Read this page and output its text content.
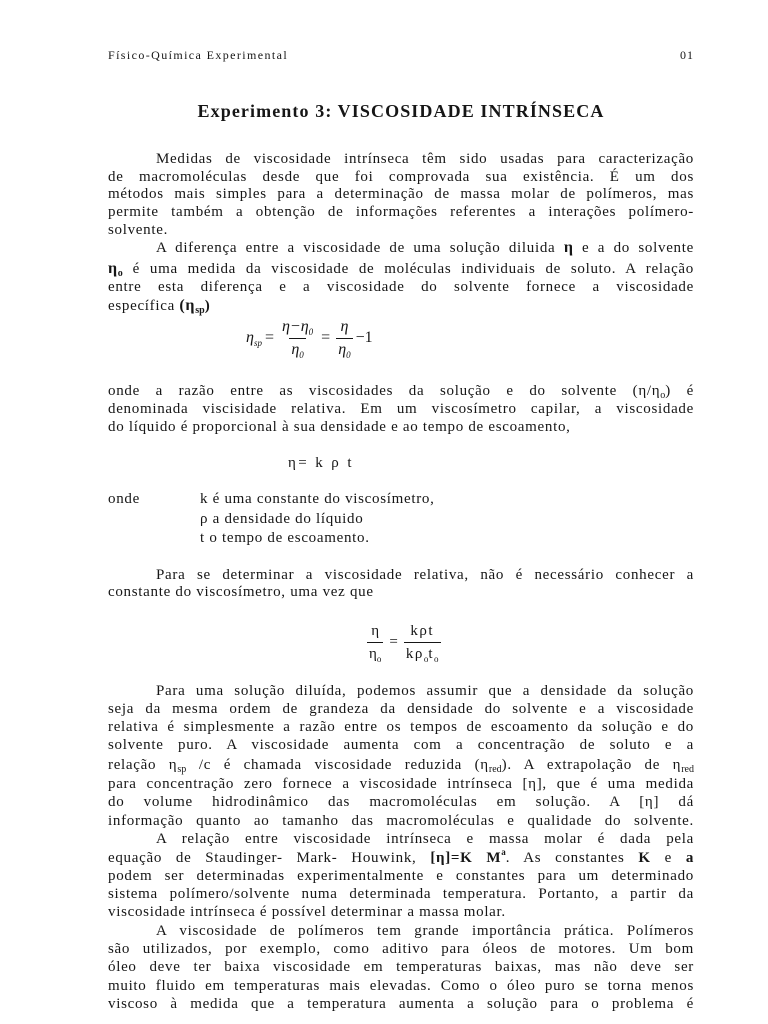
Físico-Química Experimental	01
Experimento 3: VISCOSIDADE INTRÍNSECA
Medidas de viscosidade intrínseca têm sido usadas para caracterização
de macromoléculas desde que foi comprovada sua existência. É um dos
métodos mais simples para a determinação de massa molar de polímeros, mas
permite também a obtenção de informações referentes a interações polímero-
solvente.
A diferença entre a viscosidade de uma solução diluida η e a do solvente
$\eta_o$ é uma medida da viscosidade de moléculas individuais de soluto. A relação
entre esta diferença e a viscosidade do solvente fornece a viscosidade
específica $(\eta_{sp})$
$\eta_{sp} = \frac{\eta-\eta_0}{\eta_0} = \frac{\eta}{\eta_0} -1$
onde a razão entre as viscosidades da solução e do solvente $(\eta/\eta_o)$ é
denominada viscisidade relativa. Em um viscosímetro capilar, a viscosidade
do líquido é proporcional à sua densidade e ao tempo de escoamento,
η= k ρ t
onde	k é uma constante do viscosímetro,
ρ a densidade do líquido
t o tempo de escoamento.
Para se determinar a viscosidade relativa, não é necessário conhecer a
constante do viscosímetro, uma vez que
$\frac{\eta}{\eta_o} = \frac{\text{kρt}}{k\rho_ot_o}$
Para uma solução diluída, podemos assumir que a densidade da solução
seja da mesma ordem de grandeza da densidade do solvente e a viscosidade
relativa é simplesmente a razão entre os tempos de escoamento da solução e do
solvente puro. A viscosidade aumenta com a concentração de soluto e a
relação $\eta_{sp}$ /c é chamada viscosidade reduzida $(\eta_{red})$. A extrapolação de $\eta_{red}$
para concentração zero fornece a viscosidade intrínseca [η], que é uma medida
do volume hidrodinâmico das macromoléculas em solução. A [η] dá
informação quanto ao tamanho das macromoléculas e qualidade do solvente.
A relação entre viscosidade intrínseca e massa molar é dada pela
equação de Staudinger- Mark- Houwink, [η]=K $M^a$. As constantes K e a
podem ser determinadas experimentalmente e constantes para um determinado
sistema polímero/solvente numa determinada temperatura. Portanto, a partir da
viscosidade intrínseca é possível determinar a massa molar.
A viscosidade de polímeros tem grande importância prática. Polímeros
são utilizados, por exemplo, como aditivo para óleos de motores. Um bom
óleo deve ter baixa viscosidade em temperaturas baixas, mas não deve ser
muito fluido em temperaturas mais elevadas. Como o óleo puro se torna menos
viscoso à medida que a temperatura aumenta a solução para o problema é
